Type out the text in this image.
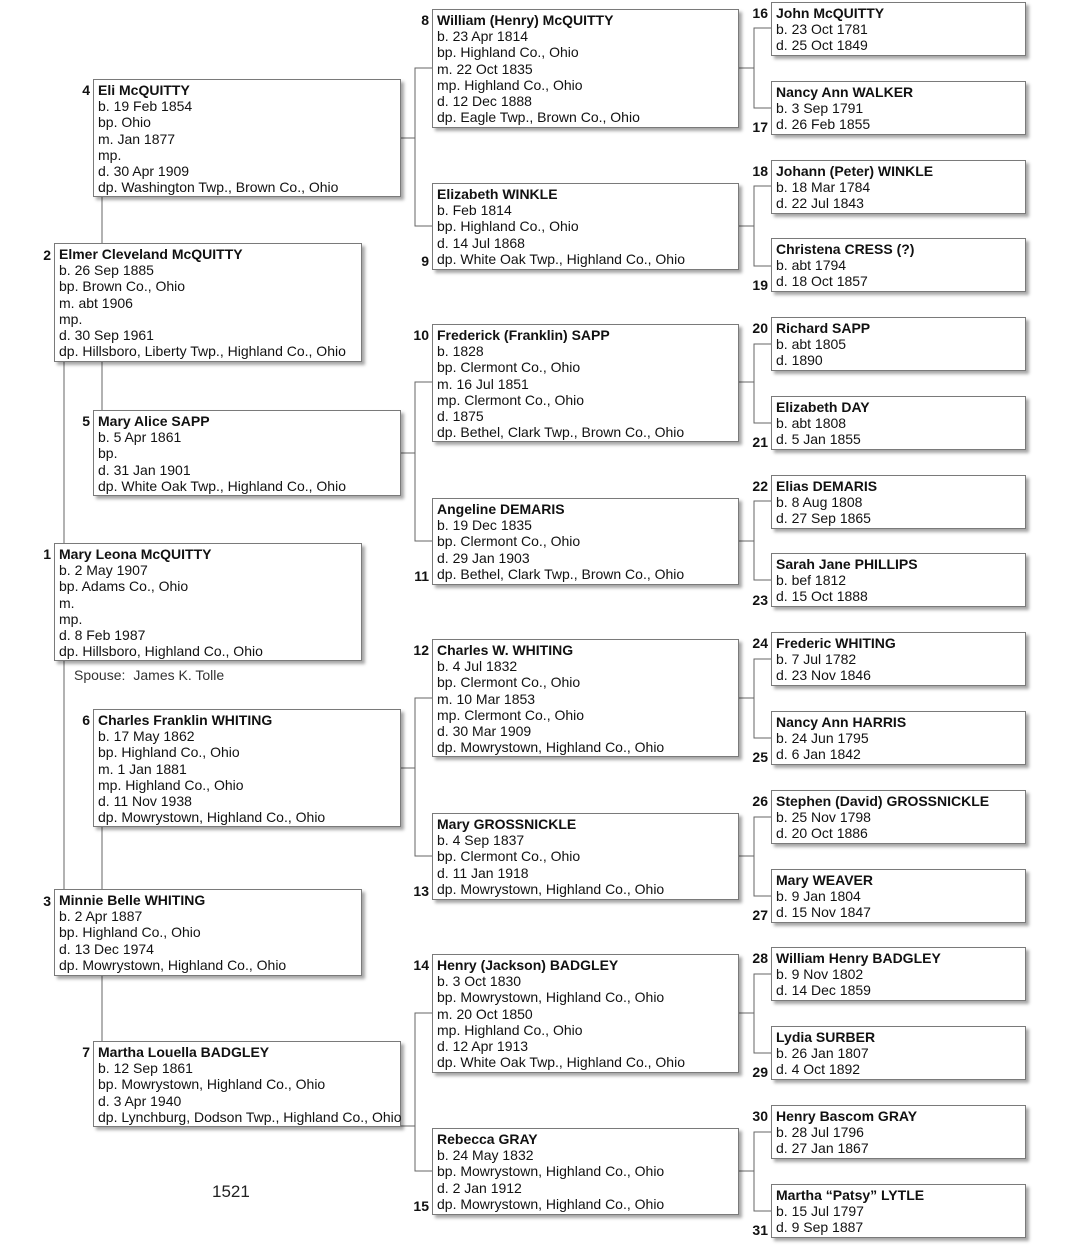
1 Mary Leona McQUITTY
b. 2 May 1907
bp. Adams Co., Ohio
m.
mp.
d. 8 Feb 1987
dp. Hillsboro, Highland Co., Ohio
Spouse: James K. Tolle
2 Elmer Cleveland McQUITTY
b. 26 Sep 1885
bp. Brown Co., Ohio
m. abt 1906
mp.
d. 30 Sep 1961
dp. Hillsboro, Liberty Twp., Highland Co., Ohio
3 Minnie Belle WHITING
b. 2 Apr 1887
bp. Highland Co., Ohio
d. 13 Dec 1974
dp. Mowrystown, Highland Co., Ohio
4 Eli McQUITTY
b. 19 Feb 1854
bp. Ohio
m. Jan 1877
mp.
d. 30 Apr 1909
dp. Washington Twp., Brown Co., Ohio
5 Mary Alice SAPP
b. 5 Apr 1861
bp.
d. 31 Jan 1901
dp. White Oak Twp., Highland Co., Ohio
6 Charles Franklin WHITING
b. 17 May 1862
bp. Highland Co., Ohio
m. 1 Jan 1881
mp. Highland Co., Ohio
d. 11 Nov 1938
dp. Mowrystown, Highland Co., Ohio
7 Martha Louella BADGLEY
b. 12 Sep 1861
bp. Mowrystown, Highland Co., Ohio
d. 3 Apr 1940
dp. Lynchburg, Dodson Twp., Highland Co., Ohio
8 William (Henry) McQUITTY
b. 23 Apr 1814
bp. Highland Co., Ohio
m. 22 Oct 1835
mp. Highland Co., Ohio
d. 12 Dec 1888
dp. Eagle Twp., Brown Co., Ohio
9
Elizabeth WINKLE
b. Feb 1814
bp. Highland Co., Ohio
d. 14 Jul 1868
dp. White Oak Twp., Highland Co., Ohio
10 Frederick (Franklin) SAPP
b. 1828
bp. Clermont Co., Ohio
m. 16 Jul 1851
mp. Clermont Co., Ohio
d. 1875
dp. Bethel, Clark Twp., Brown Co., Ohio
11
Angeline DEMARIS
b. 19 Dec 1835
bp. Clermont Co., Ohio
d. 29 Jan 1903
dp. Bethel, Clark Twp., Brown Co., Ohio
12 Charles W. WHITING
b. 4 Jul 1832
bp. Clermont Co., Ohio
m. 10 Mar 1853
mp. Clermont Co., Ohio
d. 30 Mar 1909
dp. Mowrystown, Highland Co., Ohio
13
Mary GROSSNICKLE
b. 4 Sep 1837
bp. Clermont Co., Ohio
d. 11 Jan 1918
dp. Mowrystown, Highland Co., Ohio
14 Henry (Jackson) BADGLEY
b. 3 Oct 1830
bp. Mowrystown, Highland Co., Ohio
m. 20 Oct 1850
mp. Highland Co., Ohio
d. 12 Apr 1913
dp. White Oak Twp., Highland Co., Ohio
15
Rebecca GRAY
b. 24 May 1832
bp. Mowrystown, Highland Co., Ohio
d. 2 Jan 1912
dp. Mowrystown, Highland Co., Ohio
16 John McQUITTY
b. 23 Oct 1781
d. 25 Oct 1849
17
Nancy Ann WALKER
b. 3 Sep 1791
d. 26 Feb 1855
18 Johann (Peter) WINKLE
b. 18 Mar 1784
d. 22 Jul 1843
19
Christena CRESS (?)
b. abt 1794
d. 18 Oct 1857
20 Richard SAPP
b. abt 1805
d. 1890
21
Elizabeth DAY
b. abt 1808
d. 5 Jan 1855
22 Elias DEMARIS
b. 8 Aug 1808
d. 27 Sep 1865
23
Sarah Jane PHILLIPS
b. bef 1812
d. 15 Oct 1888
24 Frederic WHITING
b. 7 Jul 1782
d. 23 Nov 1846
25
Nancy Ann HARRIS
b. 24 Jun 1795
d. 6 Jan 1842
26 Stephen (David) GROSSNICKLE
b. 25 Nov 1798
d. 20 Oct 1886
27
Mary WEAVER
b. 9 Jan 1804
d. 15 Nov 1847
28 William Henry BADGLEY
b. 9 Nov 1802
d. 14 Dec 1859
29
Lydia SURBER
b. 26 Jan 1807
d. 4 Oct 1892
30 Henry Bascom GRAY
b. 28 Jul 1796
d. 27 Jan 1867
31
Martha “Patsy” LYTLE
b. 15 Jul 1797
d. 9 Sep 1887
1521
